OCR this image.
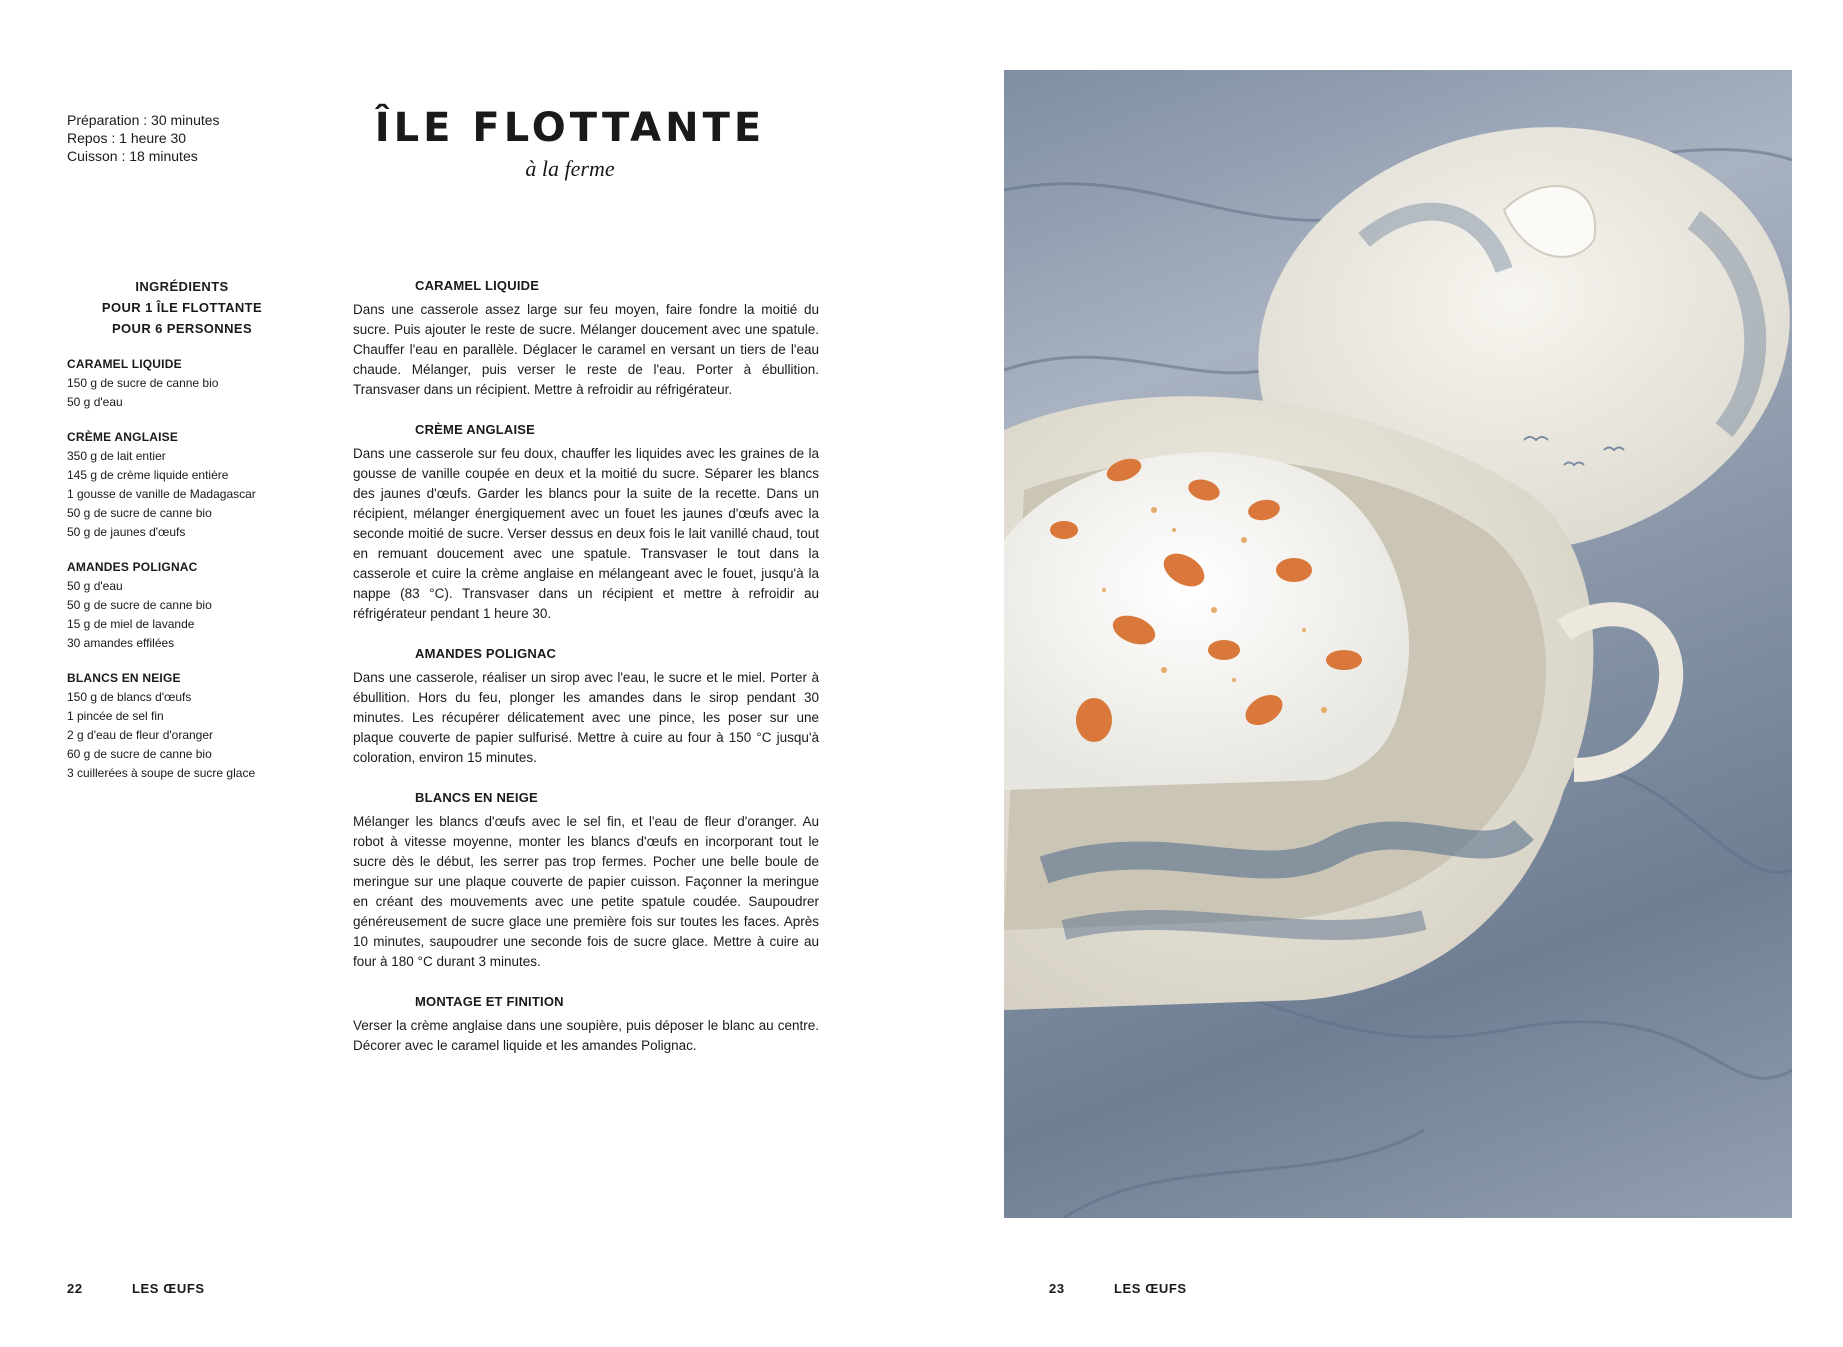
Préparation : 30 minutes
Repos : 1 heure 30
Cuisson : 18 minutes
ÎLE FLOTTANTE
à la ferme
INGRÉDIENTS
POUR 1 ÎLE FLOTTANTE
POUR 6 PERSONNES
CARAMEL LIQUIDE
150 g de sucre de canne bio
50 g d'eau
CRÈME ANGLAISE
350 g de lait entier
145 g de crème liquide entière
1 gousse de vanille de Madagascar
50 g de sucre de canne bio
50 g de jaunes d'œufs
AMANDES POLIGNAC
50 g d'eau
50 g de sucre de canne bio
15 g de miel de lavande
30 amandes effilées
BLANCS EN NEIGE
150 g de blancs d'œufs
1 pincée de sel fin
2 g d'eau de fleur d'oranger
60 g de sucre de canne bio
3 cuillerées à soupe de sucre glace
CARAMEL LIQUIDE
Dans une casserole assez large sur feu moyen, faire fondre la moitié du sucre. Puis ajouter le reste de sucre. Mélanger doucement avec une spatule. Chauffer l'eau en parallèle. Déglacer le caramel en versant un tiers de l'eau chaude. Mélanger, puis verser le reste de l'eau. Porter à ébullition. Transvaser dans un récipient. Mettre à refroidir au réfrigérateur.
CRÈME ANGLAISE
Dans une casserole sur feu doux, chauffer les liquides avec les graines de la gousse de vanille coupée en deux et la moitié du sucre. Séparer les blancs des jaunes d'œufs. Garder les blancs pour la suite de la recette. Dans un récipient, mélanger énergiquement avec un fouet les jaunes d'œufs avec la seconde moitié de sucre. Verser dessus en deux fois le lait vanillé chaud, tout en remuant doucement avec une spatule. Transvaser le tout dans la casserole et cuire la crème anglaise en mélangeant avec le fouet, jusqu'à la nappe (83 °C). Transvaser dans un récipient et mettre à refroidir au réfrigérateur pendant 1 heure 30.
AMANDES POLIGNAC
Dans une casserole, réaliser un sirop avec l'eau, le sucre et le miel. Porter à ébullition. Hors du feu, plonger les amandes dans le sirop pendant 30 minutes. Les récupérer délicatement avec une pince, les poser sur une plaque couverte de papier sulfurisé. Mettre à cuire au four à 150 °C jusqu'à coloration, environ 15 minutes.
BLANCS EN NEIGE
Mélanger les blancs d'œufs avec le sel fin, et l'eau de fleur d'oranger. Au robot à vitesse moyenne, monter les blancs d'œufs en incorporant tout le sucre dès le début, les serrer pas trop fermes. Pocher une belle boule de meringue sur une plaque couverte de papier cuisson. Façonner la meringue en créant des mouvements avec une petite spatule coudée. Saupoudrer généreusement de sucre glace une première fois sur toutes les faces. Après 10 minutes, saupoudrer une seconde fois de sucre glace. Mettre à cuire au four à 180 °C durant 3 minutes.
MONTAGE ET FINITION
Verser la crème anglaise dans une soupière, puis déposer le blanc au centre. Décorer avec le caramel liquide et les amandes Polignac.
22	LES ŒUFS	23	LES ŒUFS
